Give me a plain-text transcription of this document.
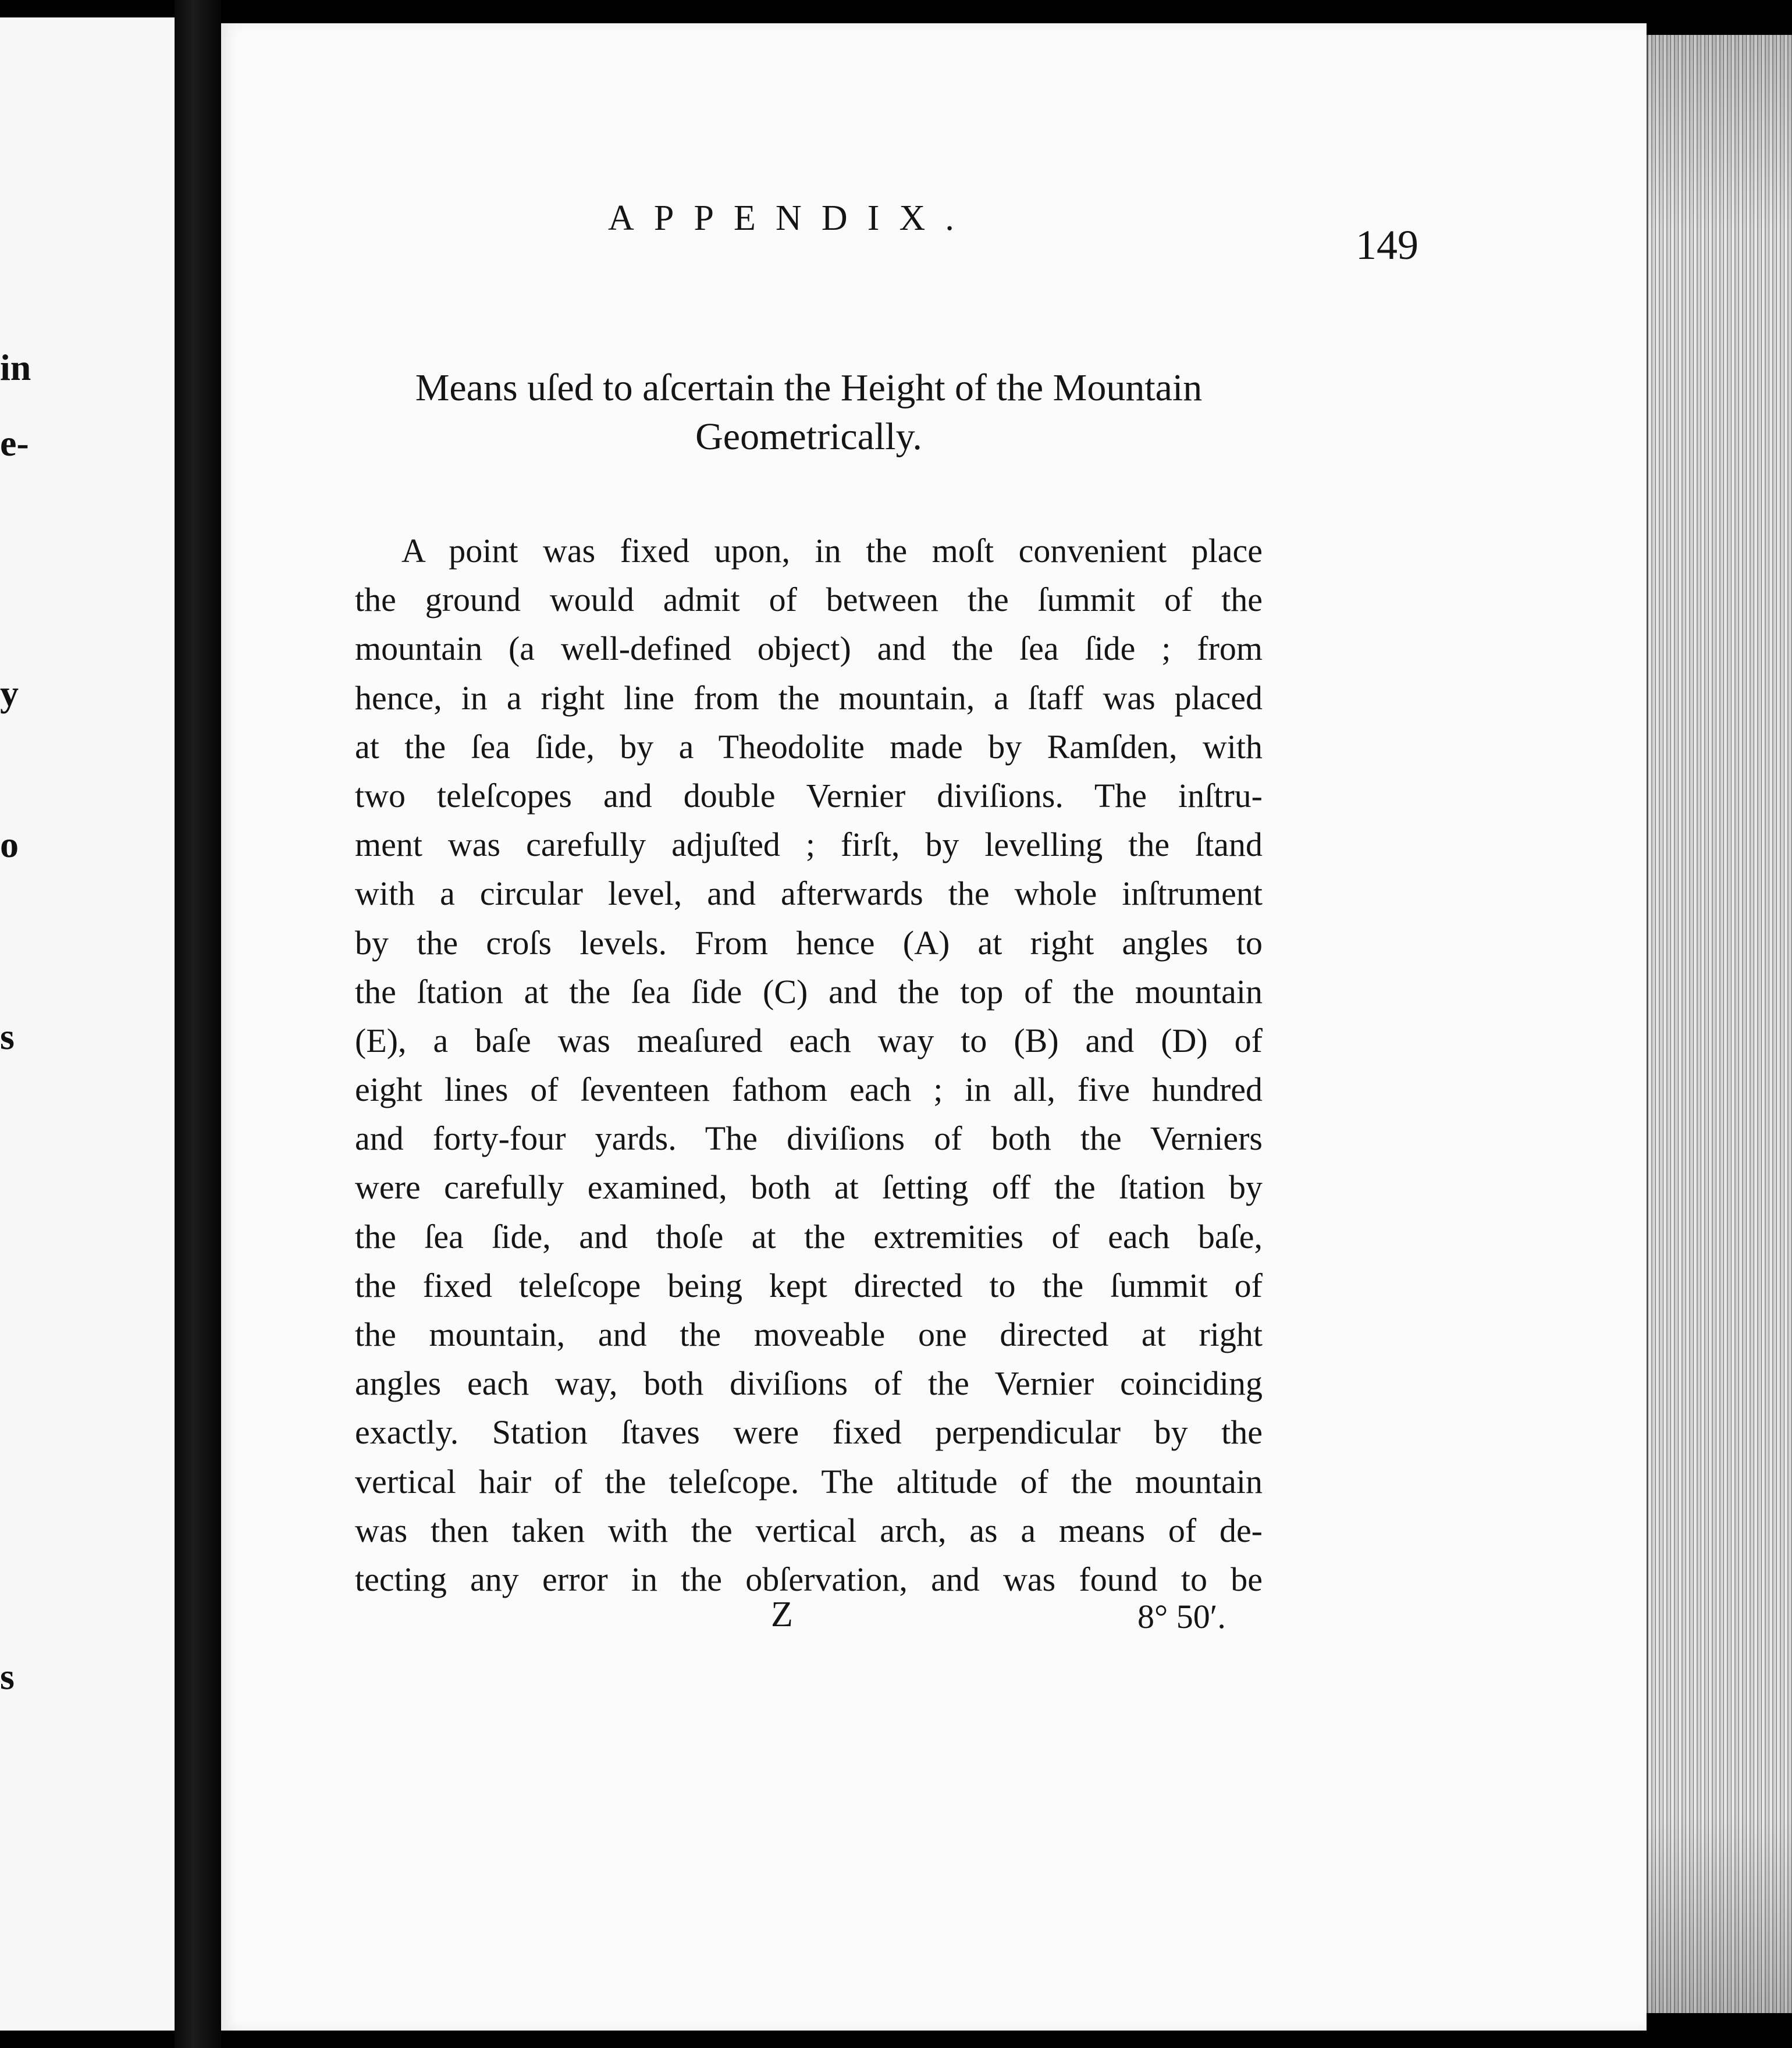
in
e-
y
o
s
s
APPENDIX.
149
Means uſed to aſcertain the Height of the Mountain
Geometrically.
A point was fixed upon, in the moſt convenient place
the ground would admit of between the ſummit of the
mountain (a well-defined object) and the ſea ſide ; from
hence, in a right line from the mountain, a ſtaff was placed
at the ſea ſide, by a Theodolite made by Ramſden, with
two teleſcopes and double Vernier diviſions. The inſtru-
ment was carefully adjuſted ; firſt, by levelling the ſtand
with a circular level, and afterwards the whole inſtrument
by the croſs levels. From hence (A) at right angles to
the ſtation at the ſea ſide (C) and the top of the mountain
(E), a baſe was meaſured each way to (B) and (D) of
eight lines of ſeventeen fathom each ; in all, five hundred
and forty-four yards. The diviſions of both the Verniers
were carefully examined, both at ſetting off the ſtation by
the ſea ſide, and thoſe at the extremities of each baſe,
the fixed teleſcope being kept directed to the ſummit of
the mountain, and the moveable one directed at right
angles each way, both diviſions of the Vernier coinciding
exactly. Station ſtaves were fixed perpendicular by the
vertical hair of the teleſcope. The altitude of the mountain
was then taken with the vertical arch, as a means of de-
tecting any error in the obſervation, and was found to be
Z	8° 50′.
